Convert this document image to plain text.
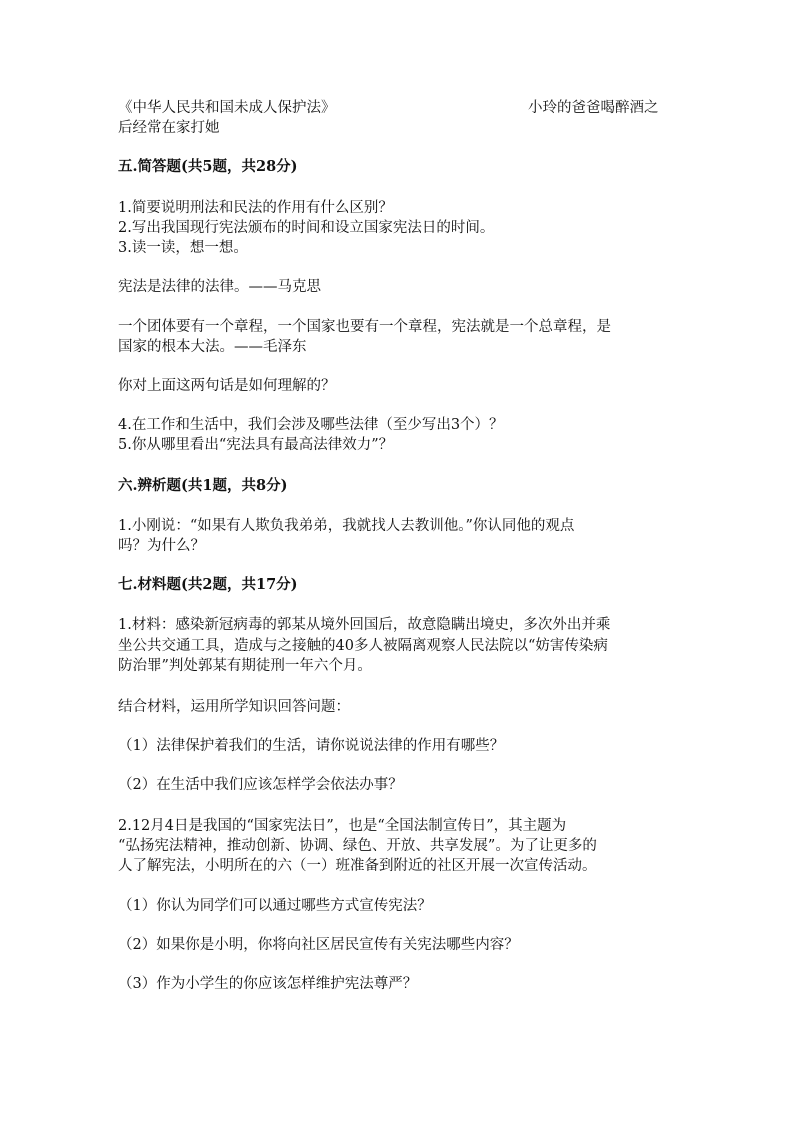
《中华人民共和国未成人保护法》	小玲的爸爸喝醉酒之
后经常在家打她
五.简答题(共5题，共28分)
1.简要说明刑法和民法的作用有什么区别？
2.写出我国现行宪法颁布的时间和设立国家宪法日的时间。
3.读一读，想一想。
宪法是法律的法律。——马克思
一个团体要有一个章程，一个国家也要有一个章程，宪法就是一个总章程，是
国家的根本大法。——毛泽东
你对上面这两句话是如何理解的？
4.在工作和生活中，我们会涉及哪些法律（至少写出3个）？
5.你从哪里看出“宪法具有最高法律效力”？
六.辨析题(共1题，共8分)
1.小刚说：“如果有人欺负我弟弟，我就找人去教训他。”你认同他的观点
吗？为什么？
七.材料题(共2题，共17分)
1.材料：感染新冠病毒的郭某从境外回国后，故意隐瞒出境史，多次外出并乘
坐公共交通工具，造成与之接触的40多人被隔离观察人民法院以“妨害传染病
防治罪”判处郭某有期徒刑一年六个月。
结合材料，运用所学知识回答问题：
（1）法律保护着我们的生活，请你说说法律的作用有哪些？
（2）在生活中我们应该怎样学会依法办事？
2.12月4日是我国的“国家宪法日”，也是“全国法制宣传日”，其主题为
“弘扬宪法精神，推动创新、协调、绿色、开放、共享发展”。为了让更多的
人了解宪法，小明所在的六（一）班准备到附近的社区开展一次宣传活动。
（1）你认为同学们可以通过哪些方式宣传宪法？
（2）如果你是小明，你将向社区居民宣传有关宪法哪些内容？
（3）作为小学生的你应该怎样维护宪法尊严？
